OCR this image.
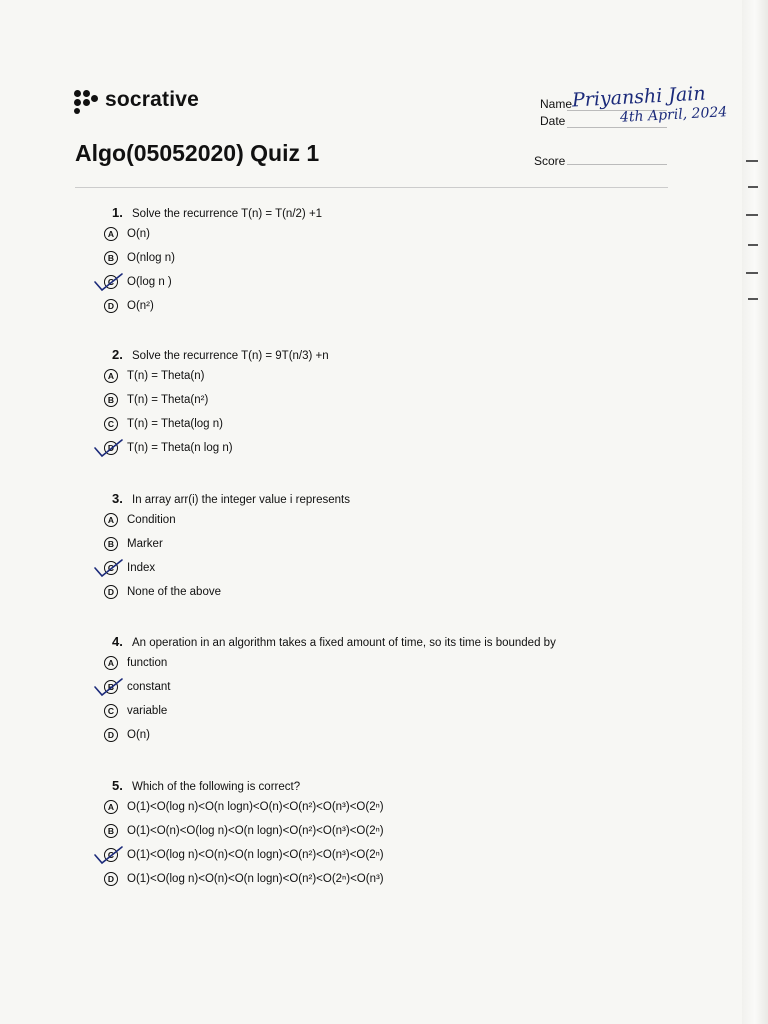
socrative	Name
Date
Score
Priyanshi Jain
4th April, 2024
Algo(05052020) Quiz 1
1. Solve the recurrence T(n) = T(n/2) +1
A	O(n)
B	O(nlog n)
C	O(log n )
D	O(n²)
2. Solve the recurrence T(n) = 9T(n/3) +n
A	T(n) = Theta(n)
B	T(n) = Theta(n²)
C	T(n) = Theta(log n)
D	T(n) = Theta(n log n)
3. In array arr(i) the integer value i represents
A	Condition
B	Marker
C	Index
D	None of the above
4. An operation in an algorithm takes a fixed amount of time, so its time is bounded by
A	function
B	constant
C	variable
D	O(n)
5. Which of the following is correct?
A	O(1)<O(log n)<O(n logn)<O(n)<O(n²)<O(n³)<O(2ⁿ)
B	O(1)<O(n)<O(log n)<O(n logn)<O(n²)<O(n³)<O(2ⁿ)
C	O(1)<O(log n)<O(n)<O(n logn)<O(n²)<O(n³)<O(2ⁿ)
D	O(1)<O(log n)<O(n)<O(n logn)<O(n²)<O(2ⁿ)<O(n³)
